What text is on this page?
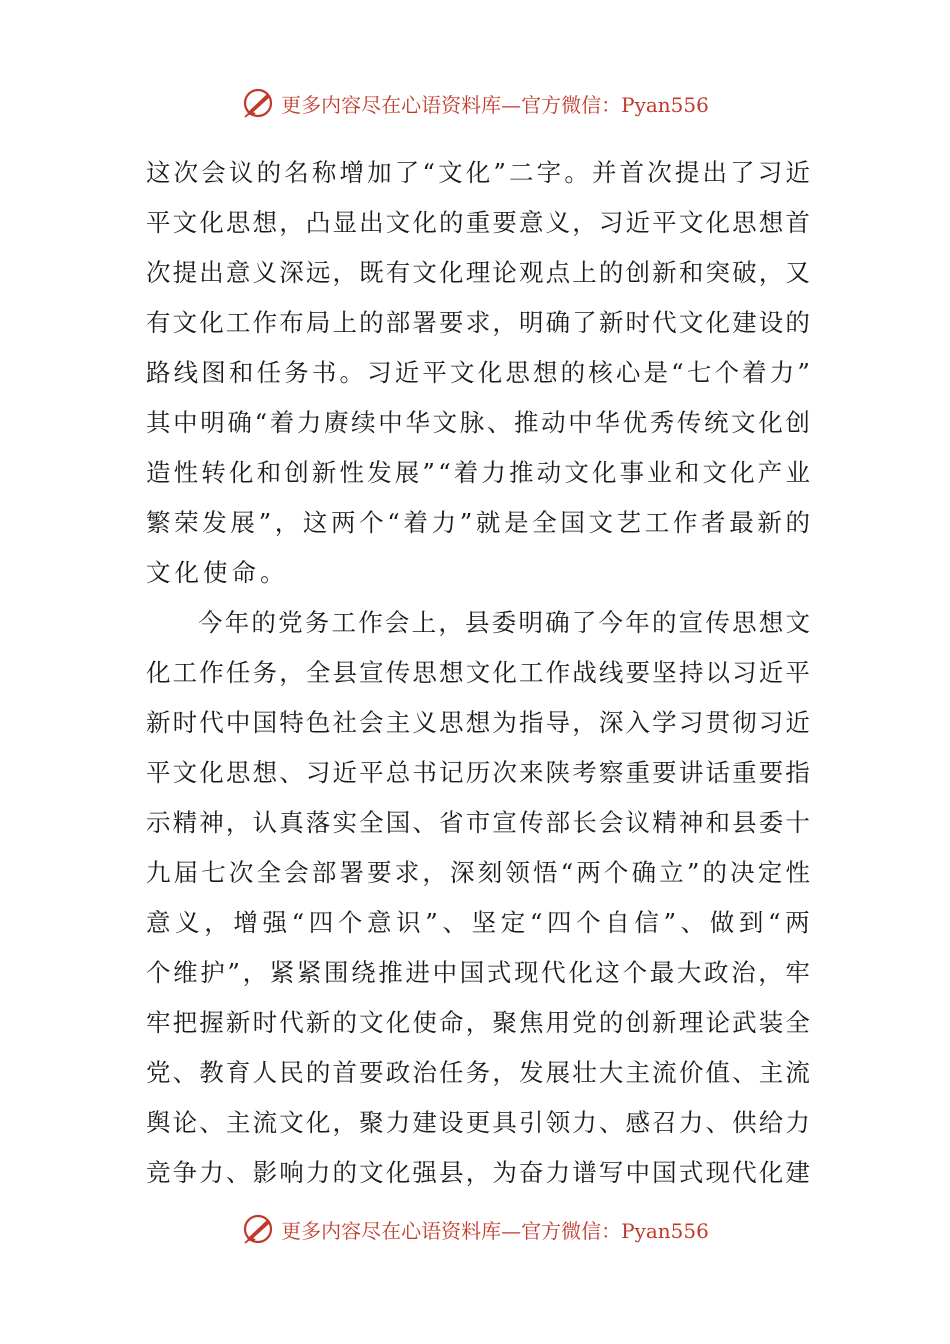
更多内容尽在心语资料库—官方微信：Pyan556
这 次 会 议 的 名 称 增 加 了 “ 文 化 ” 二 字 。 并 首 次 提 出 了 习 近
平 文 化 思 想 ， 凸 显 出 文 化 的 重 要 意 义 ， 习 近 平 文 化 思 想 首
次 提 出 意 义 深 远 ， 既 有 文 化 理 论 观 点 上 的 创 新 和 突 破 ， 又
有 文 化 工 作 布 局 上 的 部 署 要 求 ， 明 确 了 新 时 代 文 化 建 设 的
路 线 图 和 任 务 书 。 习 近 平 文 化 思 想 的 核 心 是 “ 七 个 着 力 ”
其 中 明 确 “ 着 力 赓 续 中 华 文 脉 、 推 动 中 华 优 秀 传 统 文 化 创
造 性 转 化 和 创 新 性 发 展 ” “ 着 力 推 动 文 化 事 业 和 文 化 产 业
繁 荣 发 展 ” ， 这 两 个 “ 着 力 ” 就 是 全 国 文 艺 工 作 者 最 新 的
文化使命。
今 年 的 党 务 工 作 会 上 ， 县 委 明 确 了 今 年 的 宣 传 思 想 文
化 工 作 任 务 ， 全 县 宣 传 思 想 文 化 工 作 战 线 要 坚 持 以 习 近 平
新 时 代 中 国 特 色 社 会 主 义 思 想 为 指 导 ， 深 入 学 习 贯 彻 习 近
平 文 化 思 想 、 习 近 平 总 书 记 历 次 来 陕 考 察 重 要 讲 话 重 要 指
示 精 神 ， 认 真 落 实 全 国 、 省 市 宣 传 部 长 会 议 精 神 和 县 委 十
九 届 七 次 全 会 部 署 要 求 ， 深 刻 领 悟 “ 两 个 确 立 ” 的 决 定 性
意 义 ， 增 强 “ 四 个 意 识 ” 、 坚 定 “ 四 个 自 信 ” 、 做 到 “ 两
个 维 护 ” ， 紧 紧 围 绕 推 进 中 国 式 现 代 化 这 个 最 大 政 治 ， 牢
牢 把 握 新 时 代 新 的 文 化 使 命 ， 聚 焦 用 党 的 创 新 理 论 武 装 全
党 、 教 育 人 民 的 首 要 政 治 任 务 ， 发 展 壮 大 主 流 价 值 、 主 流
舆 论 、 主 流 文 化 ， 聚 力 建 设 更 具 引 领 力 、 感 召 力 、 供 给 力
竞 争 力 、 影 响 力 的 文 化 强 县 ， 为 奋 力 谱 写 中 国 式 现 代 化 建
更多内容尽在心语资料库—官方微信：Pyan556
